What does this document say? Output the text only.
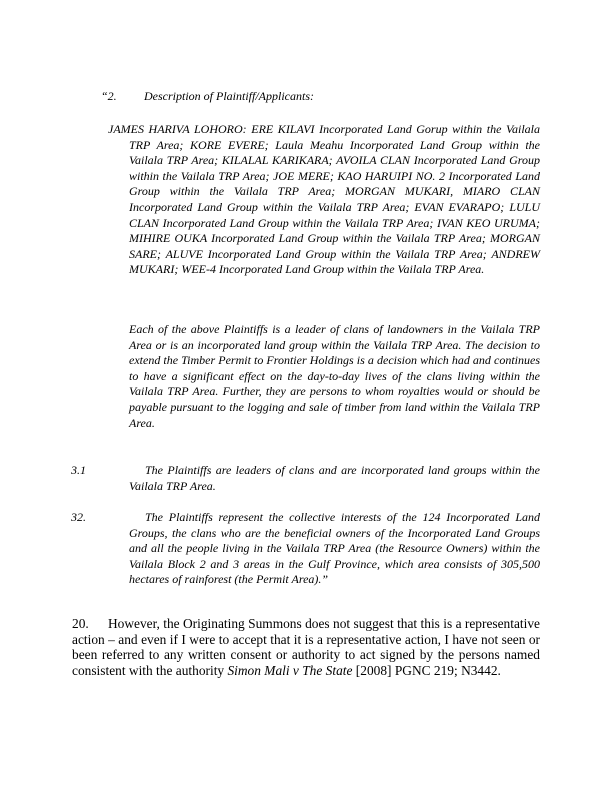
“2. Description of Plaintiff/Applicants:
JAMES HARIVA LOHORO: ERE KILAVI Incorporated Land Gorup within the Vailala TRP Area; KORE EVERE; Laula Meahu Incorporated Land Group within the Vailala TRP Area; KILALAL KARIKARA; AVOILA CLAN Incorporated Land Group within the Vailala TRP Area; JOE MERE; KAO HARUIPI NO. 2 Incorporated Land Group within the Vailala TRP Area; MORGAN MUKARI, MIARO CLAN Incorporated Land Group within the Vailala TRP Area; EVAN EVARAPO; LULU CLAN Incorporated Land Group within the Vailala TRP Area; IVAN KEO URUMA; MIHIRE OUKA Incorporated Land Group within the Vailala TRP Area; MORGAN SARE; ALUVE Incorporated Land Group within the Vailala TRP Area; ANDREW MUKARI; WEE-4 Incorporated Land Group within the Vailala TRP Area.
Each of the above Plaintiffs is a leader of clans of landowners in the Vailala TRP Area or is an incorporated land group within the Vailala TRP Area. The decision to extend the Timber Permit to Frontier Holdings is a decision which had and continues to have a significant effect on the day-to-day lives of the clans living within the Vailala TRP Area. Further, they are persons to whom royalties would or should be payable pursuant to the logging and sale of timber from land within the Vailala TRP Area.
3.1	The Plaintiffs are leaders of clans and are incorporated land groups within the Vailala TRP Area.
32.	The Plaintiffs represent the collective interests of the 124 Incorporated Land Groups, the clans who are the beneficial owners of the Incorporated Land Groups and all the people living in the Vailala TRP Area (the Resource Owners) within the Vailala Block 2 and 3 areas in the Gulf Province, which area consists of 305,500 hectares of rainforest (the Permit Area).”
20. However, the Originating Summons does not suggest that this is a representative action – and even if I were to accept that it is a representative action, I have not seen or been referred to any written consent or authority to act signed by the persons named consistent with the authority Simon Mali v The State [2008] PGNC 219; N3442.
